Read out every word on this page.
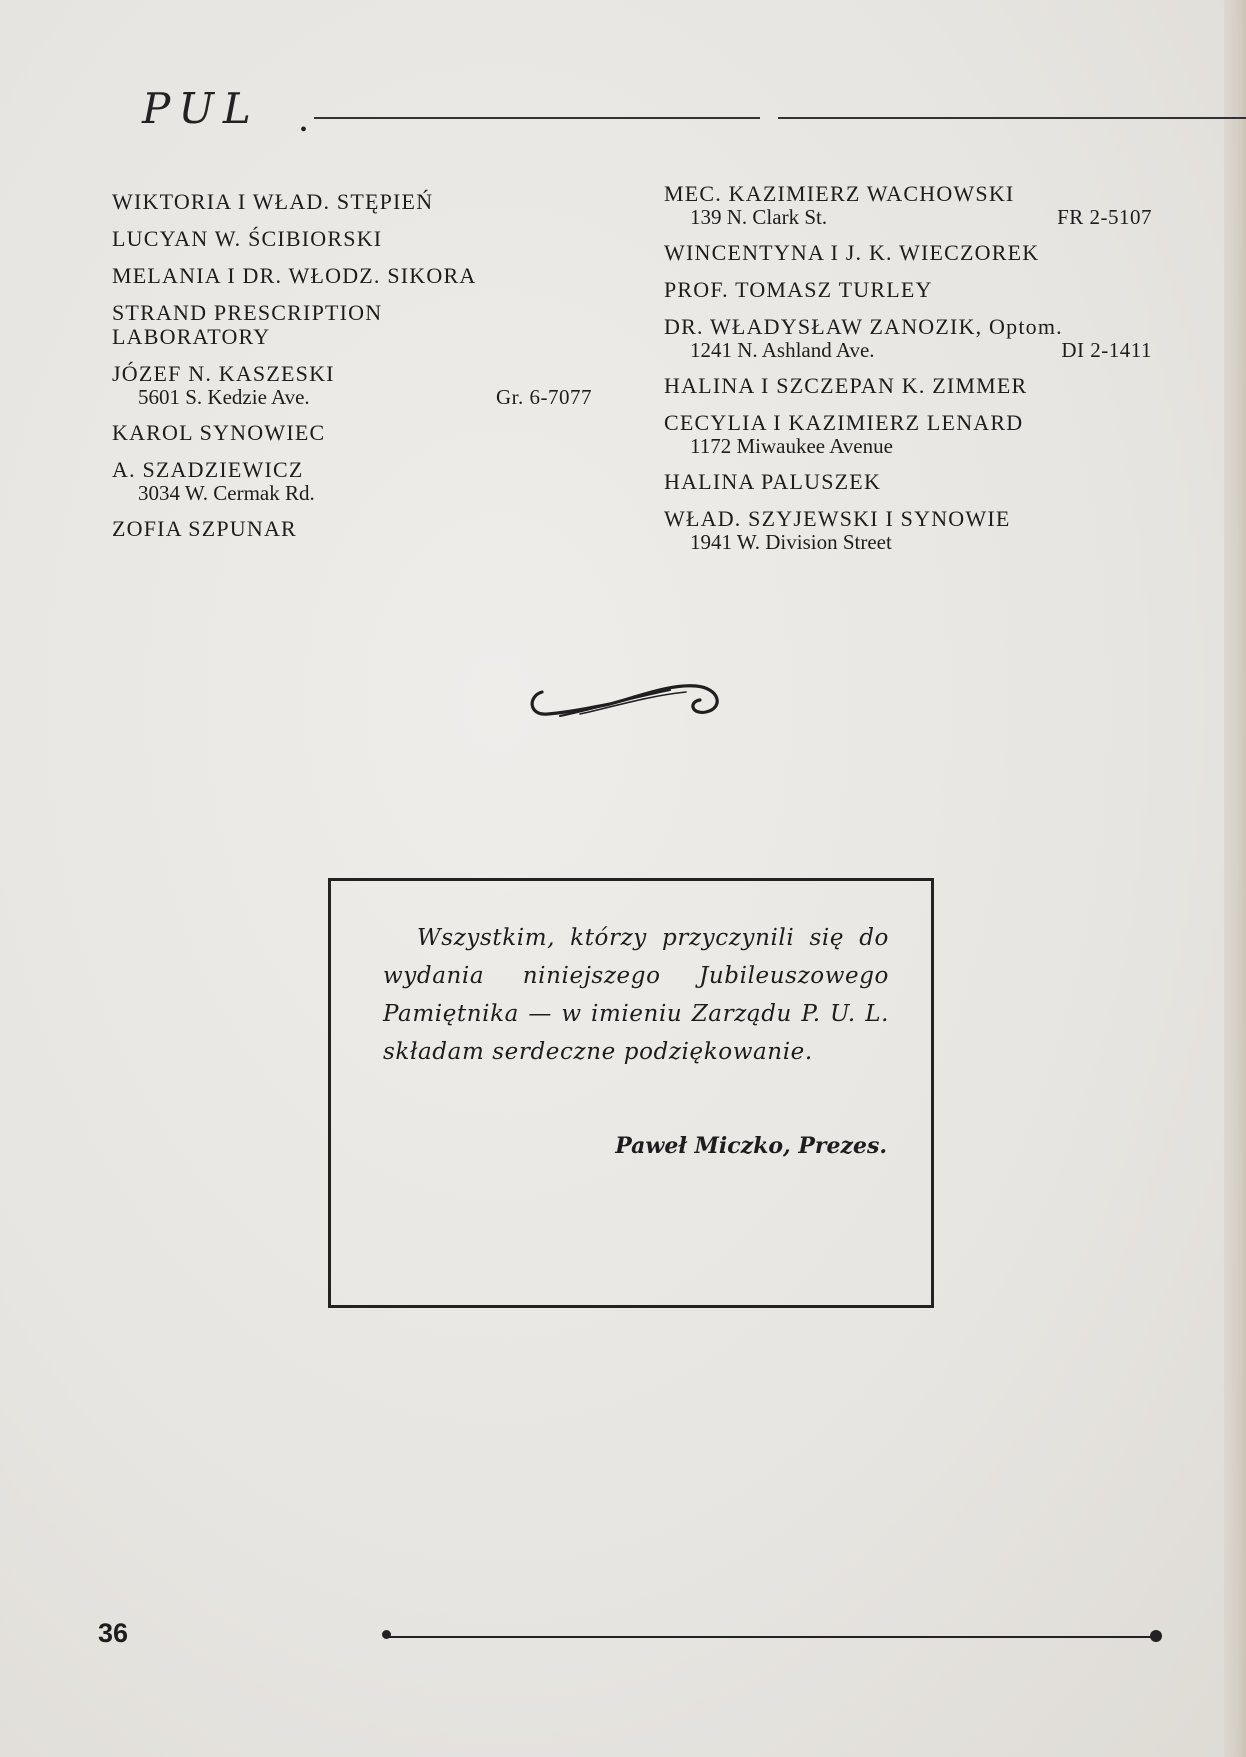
PUL •
WIKTORIA I WŁAD. STĘPIEŃ
LUCYAN W. ŚCIBIORSKI
MELANIA I DR. WŁODZ. SIKORA
STRAND PRESCRIPTION LABORATORY
JÓZEF N. KASZESKI
5601 S. Kedzie Ave.	Gr. 6-7077
KAROL SYNOWIEC
A. SZADZIEWICZ
3034 W. Cermak Rd.
ZOFIA SZPUNAR
MEC. KAZIMIERZ WACHOWSKI
139 N. Clark St.	FR 2-5107
WINCENTYNA I J. K. WIECZOREK
PROF. TOMASZ TURLEY
DR. WŁADYSŁAW ZANOZIK, Optom.
1241 N. Ashland Ave.	DI 2-1411
HALINA I SZCZEPAN K. ZIMMER
CECYLIA I KAZIMIERZ LENARD
1172 Miwaukee Avenue
HALINA PALUSZEK
WŁAD. SZYJEWSKI I SYNOWIE
1941 W. Division Street
Wszystkim, którzy przyczynili się do wydania niniejszego Jubileuszowego Pamiętnika — w imieniu Zarządu P. U. L. składam serdeczne podziękowanie.
Paweł Miczko, Prezes.
36
